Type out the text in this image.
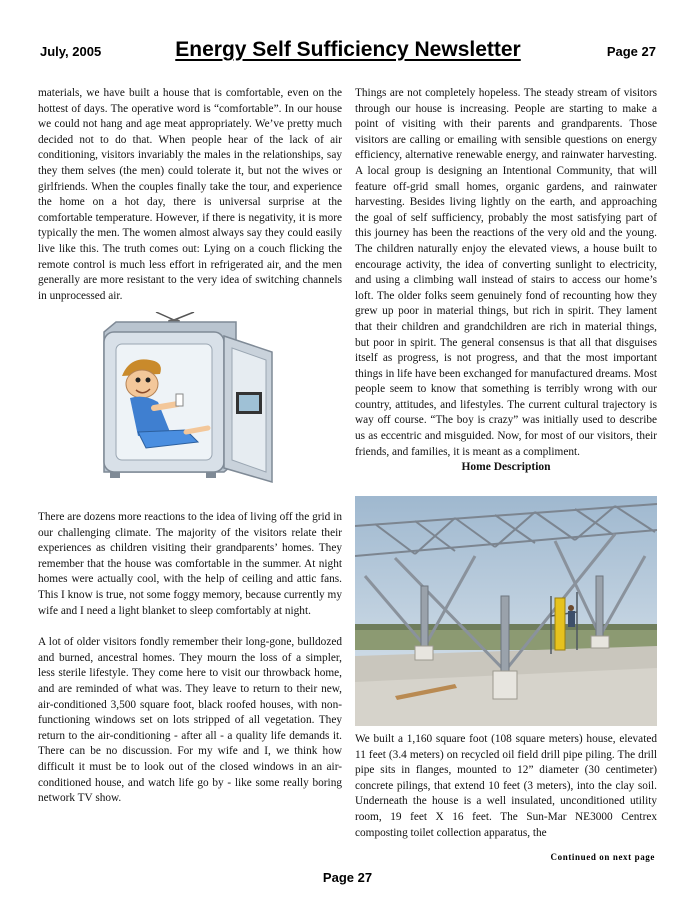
July, 2005	Energy Self Sufficiency Newsletter	Page 27

materials, we have built a house that is comfortable, even on the hottest of days. The operative word is “comfortable”. In our house we could not hang and age meat appropriately. We’ve pretty much decided not to do that. When people hear of the lack of air conditioning, visitors invariably the males in the relationships, say they them selves (the men) could tolerate it, but not the wives or girlfriends. When the couples finally take the tour, and experience the home on a hot day, there is universal surprise at the comfortable temperature. However, if there is negativity, it is more typically the men. The women almost always say they could easily live like this. The truth comes out: Lying on a couch flicking the remote control is much less effort in refrigerated air, and the men generally are more resistant to the very idea of switching channels in unprocessed air.

There are dozens more reactions to the idea of living off the grid in our challenging climate. The majority of the visitors relate their experiences as children visiting their grandparents’ homes. They remember that the house was comfortable in the summer. At night homes were actually cool, with the help of ceiling and attic fans. This I know is true, not some foggy memory, because currently my wife and I need a light blanket to sleep comfortably at night.

A lot of older visitors fondly remember their long-gone, bulldozed and burned, ancestral homes. They mourn the loss of a simpler, less sterile lifestyle. They come here to visit our throwback home, and are reminded of what was. They leave to return to their new, air-conditioned 3,500 square foot, black roofed houses, with non-functioning windows set on lots stripped of all vegetation. They return to the air-conditioning - after all - a quality life demands it. There can be no discussion. For my wife and I, we think how difficult it must be to look out of the closed windows in an air-conditioned house, and watch life go by - like some really boring network TV show.

Things are not completely hopeless. The steady stream of visitors through our house is increasing. People are starting to make a point of visiting with their parents and grandparents. Those visitors are calling or emailing with sensible questions on energy efficiency, alternative renewable energy, and rainwater harvesting. A local group is designing an Intentional Community, that will feature off-grid small homes, organic gardens, and rainwater harvesting. Besides living lightly on the earth, and approaching the goal of self sufficiency, probably the most satisfying part of this journey has been the reactions of the very old and the young. The children naturally enjoy the elevated views, a house built to encourage activity, the idea of converting sunlight to electricity, and using a climbing wall instead of stairs to access our home’s loft. The older folks seem genuinely fond of recounting how they grew up poor in material things, but rich in spirit. They lament that their children and grandchildren are rich in material things, but poor in spirit. The general consensus is that all that disguises itself as progress, is not progress, and that the most important things in life have been exchanged for manufactured dreams. Most people seem to know that something is terribly wrong with our country, attitudes, and lifestyles. The current cultural trajectory is way off course. “The boy is crazy” was initially used to describe us as eccentric and misguided. Now, for most of our visitors, their friends, and families, it is meant as a compliment.

Home Description

We built a 1,160 square foot (108 square meters) house, elevated 11 feet (3.4 meters) on recycled oil field drill pipe piling. The drill pipe sits in flanges, mounted to 12” diameter (30 centimeter) concrete pilings, that extend 10 feet (3 meters), into the clay soil. Underneath the house is a well insulated, unconditioned utility room, 19 feet X 16 feet. The Sun-Mar NE3000 Centrex composting toilet collection apparatus, the

Continued on next page
Page 27
